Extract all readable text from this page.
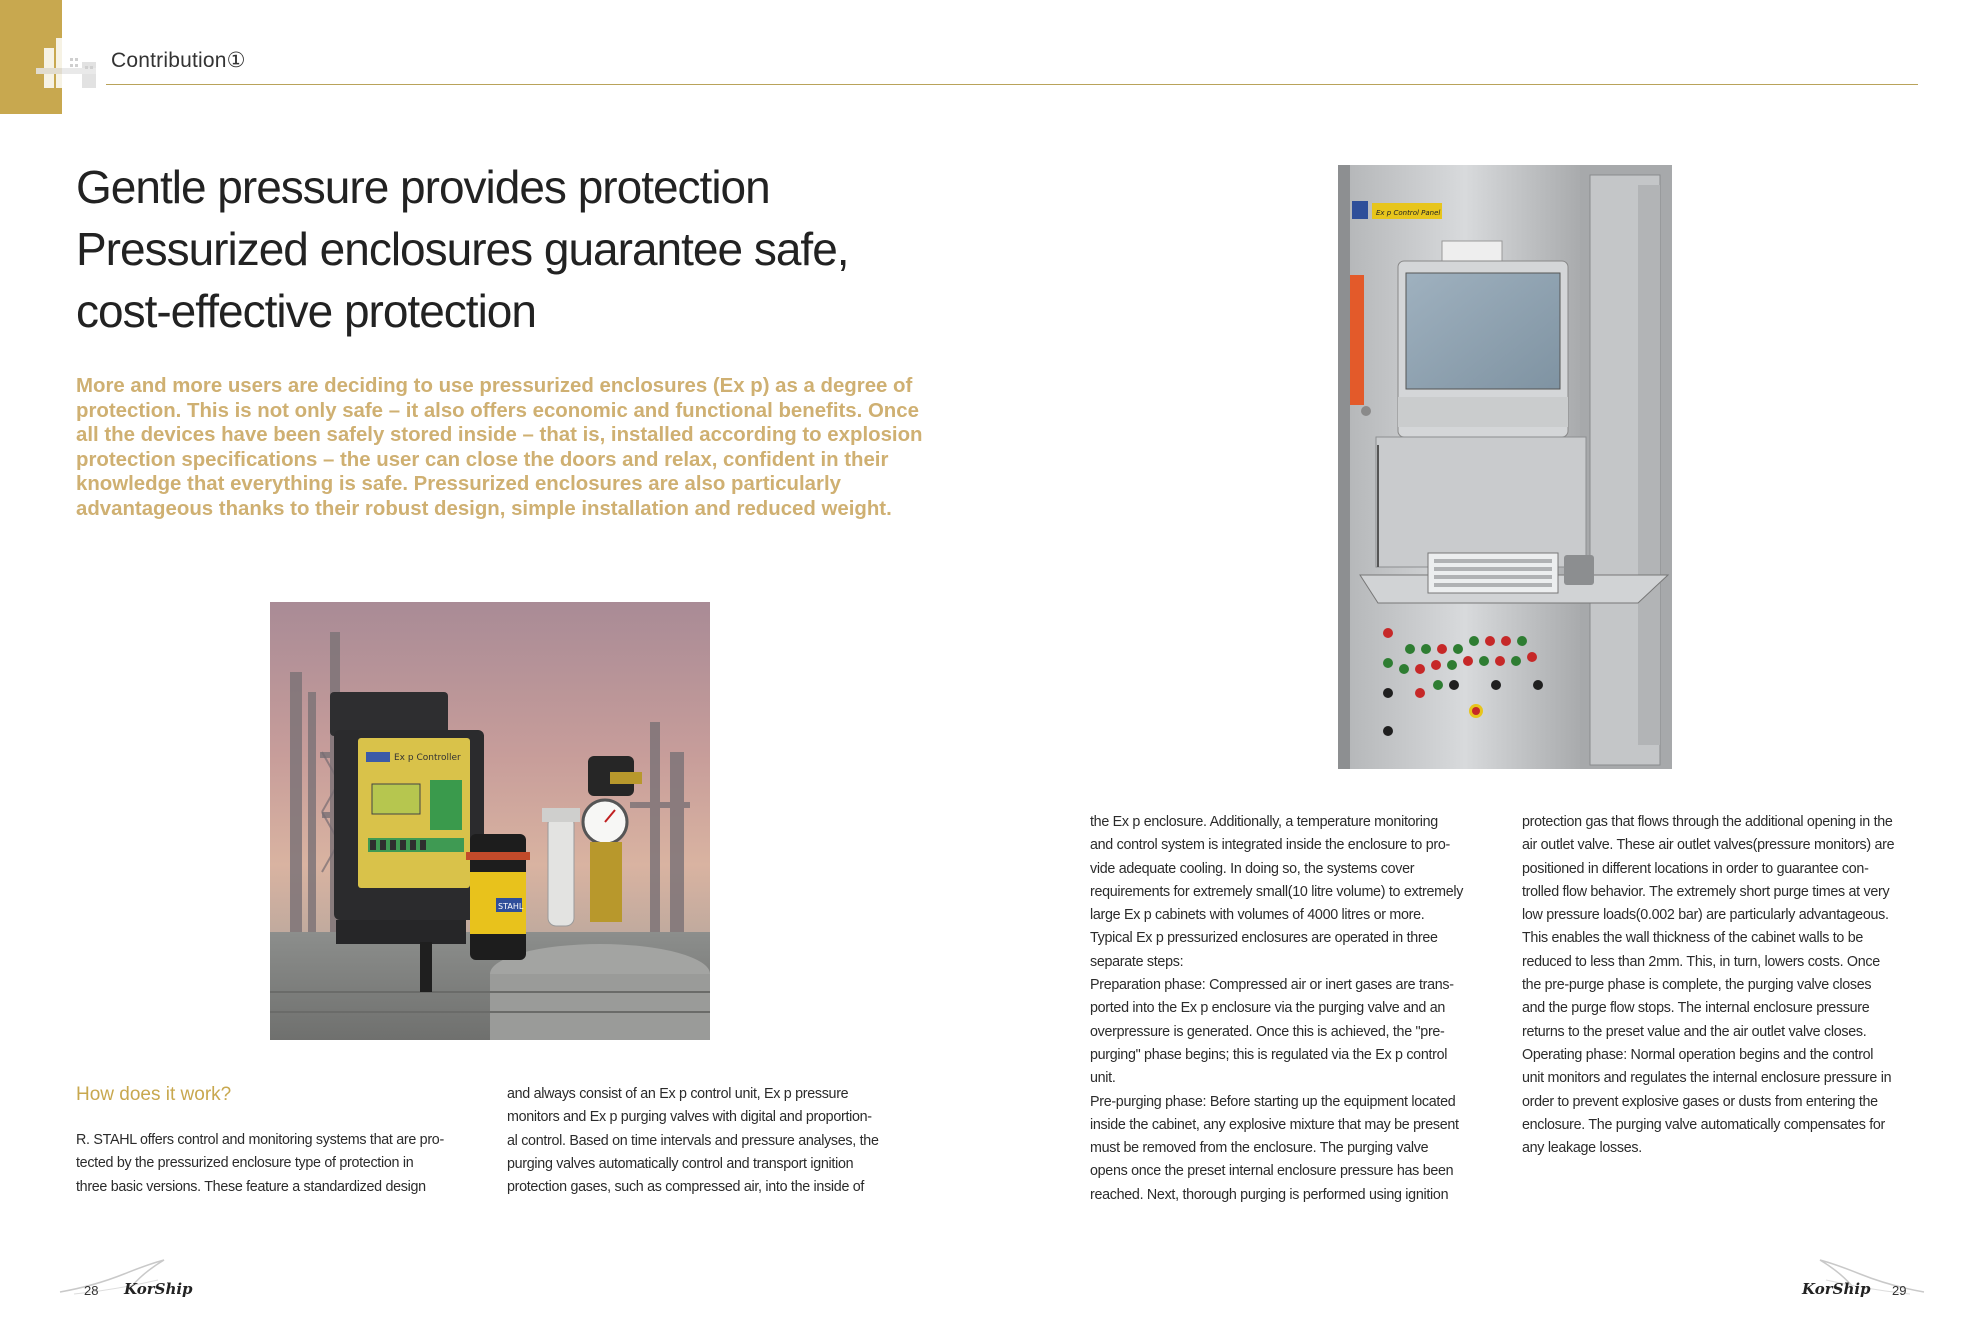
Contribution①
Gentle pressure provides protection
Pressurized enclosures guarantee safe,
cost-effective protection
More and more users are deciding to use pressurized enclosures (Ex p) as a degree of
protection. This is not only safe – it also offers economic and functional benefits. Once
all the devices have been safely stored inside – that is, installed according to explosion
protection specifications – the user can close the doors and relax, confident in their
knowledge that everything is safe. Pressurized enclosures are also particularly
advantageous thanks to their robust design, simple installation and reduced weight.
Ex p Controller
STAHL
Ex p Control Panel
How does it work?

R. STAHL offers control and monitoring systems that are pro-
tected by the pressurized enclosure type of protection in
three basic versions. These feature a standardized design

and always consist of an Ex p control unit, Ex p pressure
monitors and Ex p purging valves with digital and proportion-
al control. Based on time intervals and pressure analyses, the
purging valves automatically control and transport ignition
protection gases, such as compressed air, into the inside of

the Ex p enclosure. Additionally, a temperature monitoring
and control system is integrated inside the enclosure to pro-
vide adequate cooling. In doing so, the systems cover
requirements for extremely small(10 litre volume) to extremely
large Ex p cabinets with volumes of 4000 litres or more.

Typical Ex p pressurized enclosures are operated in three
separate steps:

Preparation phase: Compressed air or inert gases are trans-
ported into the Ex p enclosure via the purging valve and an
overpressure is generated. Once this is achieved, the "pre-
purging" phase begins; this is regulated via the Ex p control
unit.

Pre-purging phase: Before starting up the equipment located
inside the cabinet, any explosive mixture that may be present
must be removed from the enclosure. The purging valve
opens once the preset internal enclosure pressure has been
reached. Next, thorough purging is performed using ignition

protection gas that flows through the additional opening in the
air outlet valve. These air outlet valves(pressure monitors) are
positioned in different locations in order to guarantee con-
trolled flow behavior. The extremely short purge times at very
low pressure loads(0.002 bar) are particularly advantageous.
This enables the wall thickness of the cabinet walls to be
reduced to less than 2mm. This, in turn, lowers costs. Once
the pre-purge phase is complete, the purging valve closes
and the purge flow stops. The internal enclosure pressure
returns to the preset value and the air outlet valve closes.

Operating phase: Normal operation begins and the control
unit monitors and regulates the internal enclosure pressure in
order to prevent explosive gases or dusts from entering the
enclosure. The purging valve automatically compensates for
any leakage losses.

28 KorShip	KorShip 29
